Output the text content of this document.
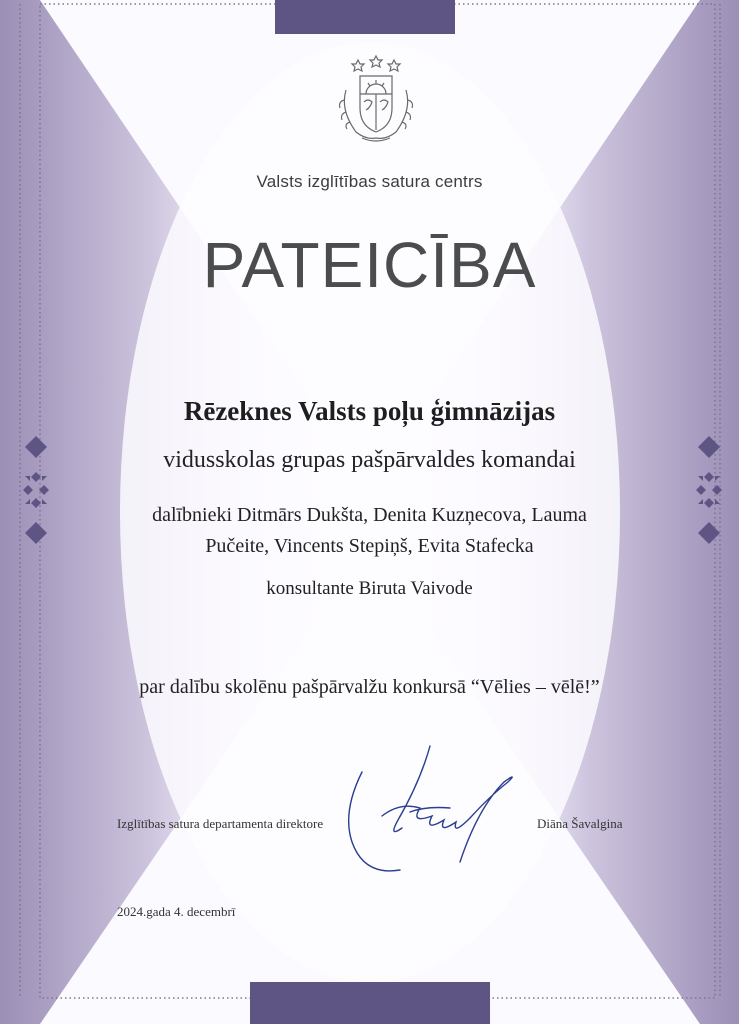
Valsts izglītības satura centrs
PATEICĪBA
Rēzeknes Valsts poļu ģimnāzijas
vidusskolas grupas pašpārvaldes komandai
dalībnieki Ditmārs Dukšta, Denita Kuzņecova, Lauma
Pučeite, Vincents Stepiņš, Evita Stafecka
konsultante Biruta Vaivode
par dalību skolēnu pašpārvalžu konkursā “Vēlies – vēlē!”
Izglītības satura departamenta direktore	Diāna Šavalgina
2024.gada 4. decembrī
